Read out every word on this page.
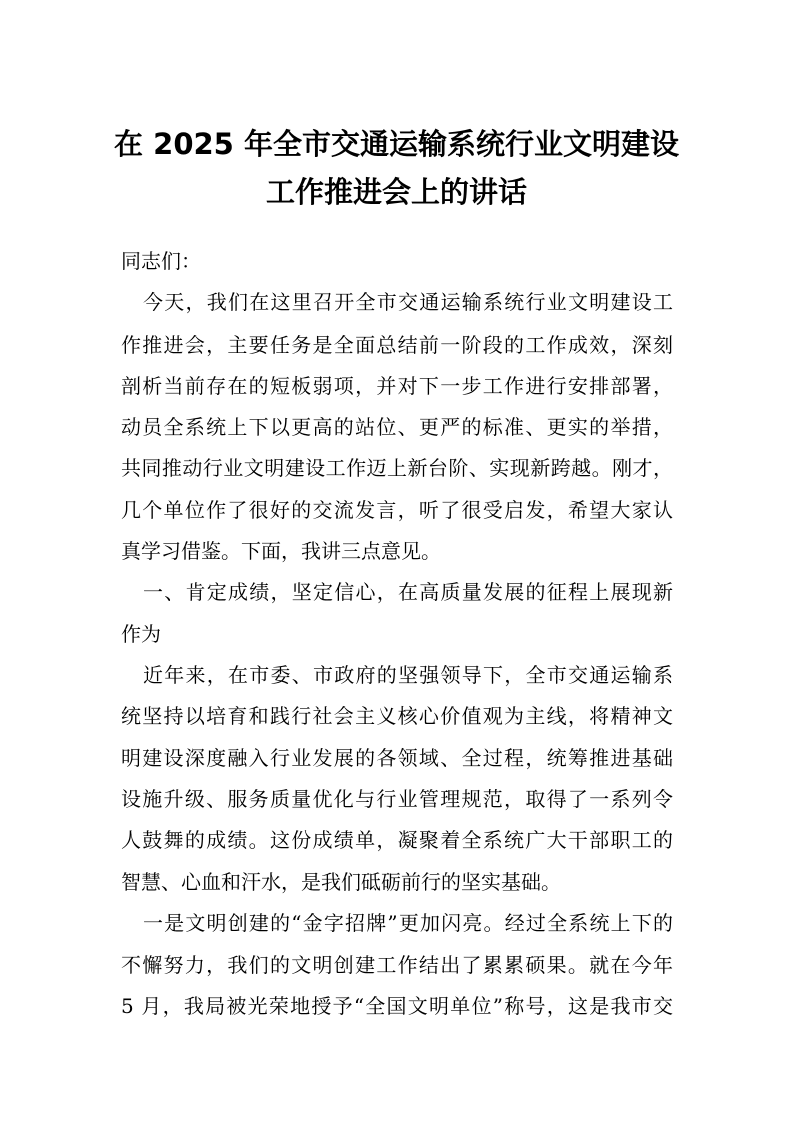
在 2025 年全市交通运输系统行业文明建设
工作推进会上的讲话
同志们：
今天，我们在这里召开全市交通运输系统行业文明建设工
作推进会，主要任务是全面总结前一阶段的工作成效，深刻
剖析当前存在的短板弱项，并对下一步工作进行安排部署，
动员全系统上下以更高的站位、更严的标准、更实的举措，
共同推动行业文明建设工作迈上新台阶、实现新跨越。刚才，
几个单位作了很好的交流发言，听了很受启发，希望大家认
真学习借鉴。下面，我讲三点意见。
一、肯定成绩，坚定信心，在高质量发展的征程上展现新
作为
近年来，在市委、市政府的坚强领导下，全市交通运输系
统坚持以培育和践行社会主义核心价值观为主线，将精神文
明建设深度融入行业发展的各领域、全过程，统筹推进基础
设施升级、服务质量优化与行业管理规范，取得了一系列令
人鼓舞的成绩。这份成绩单，凝聚着全系统广大干部职工的
智慧、心血和汗水，是我们砥砺前行的坚实基础。
一是文明创建的“金字招牌”更加闪亮。经过全系统上下的
不懈努力，我们的文明创建工作结出了累累硕果。就在今年
5 月，我局被光荣地授予“全国文明单位”称号，这是我市交
